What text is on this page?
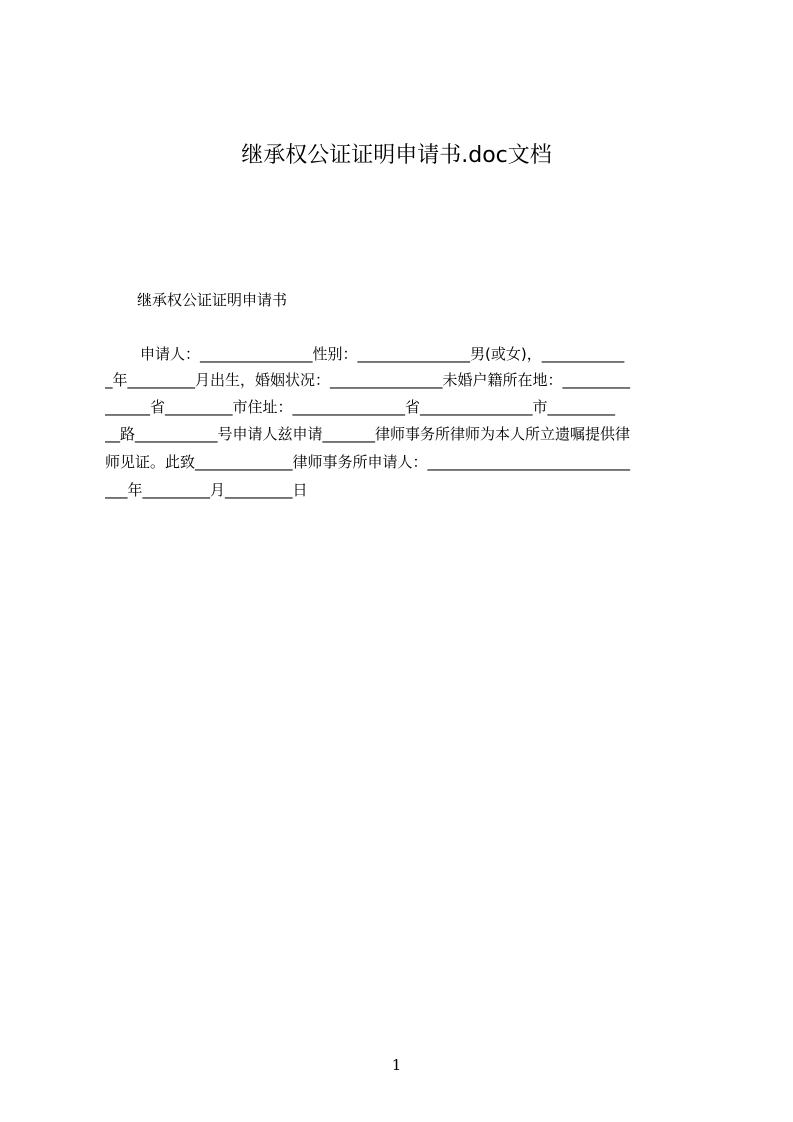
继承权公证证明申请书.doc文档
继承权公证证明申请书
申请人：_______________性别：_______________男(或女)，___________
_年_________月出生，婚姻状况：_______________未婚户籍所在地：_________
______省_________市住址：_______________省_______________市_________
__路___________号申请人兹申请_______律师事务所律师为本人所立遗嘱提供律
师见证。此致_____________律师事务所申请人：___________________________
___年_________月_________日
1
